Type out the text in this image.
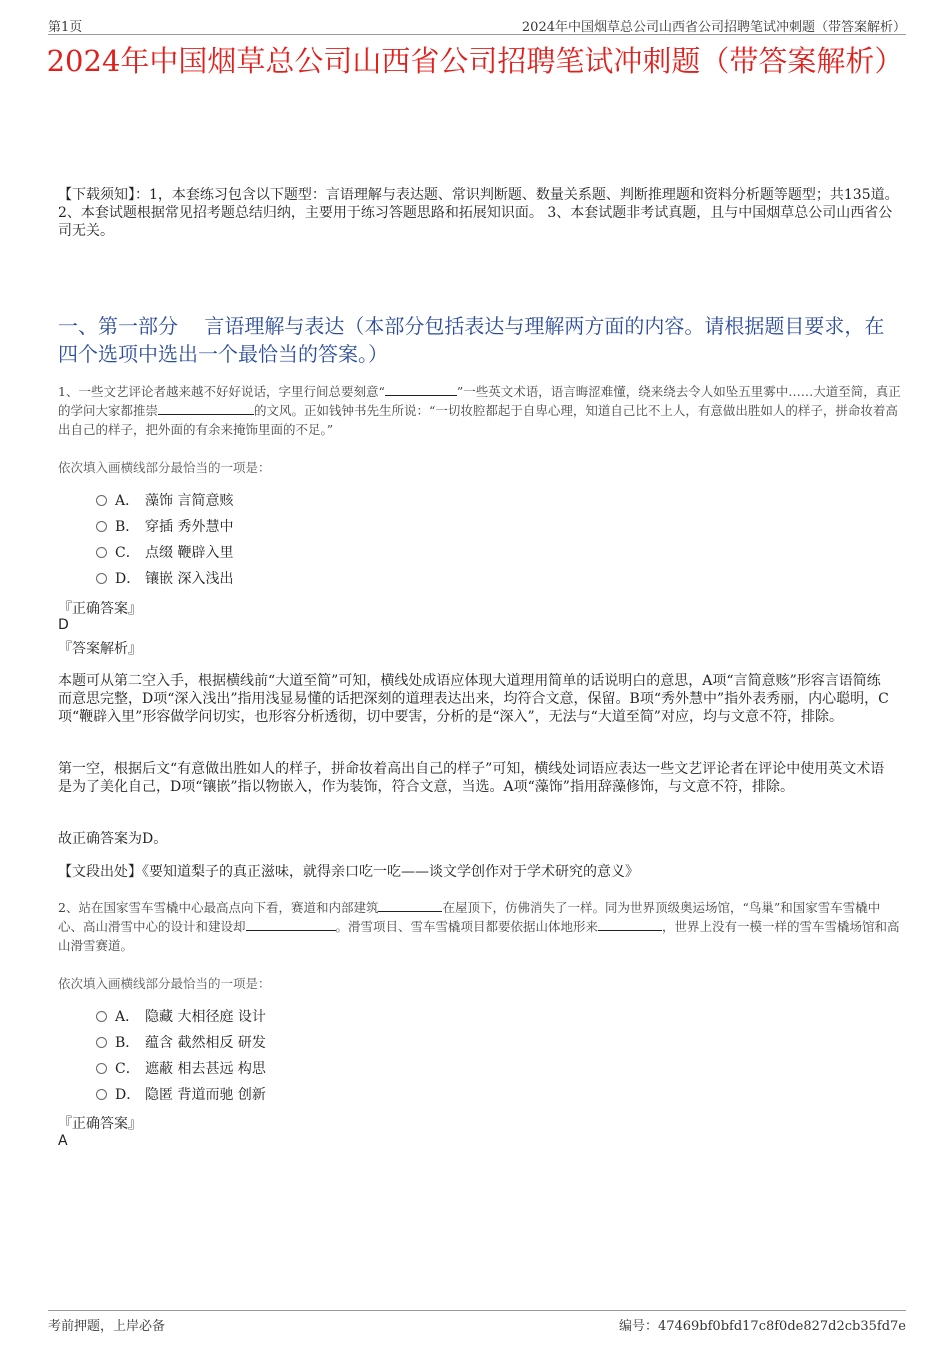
第1页	2024年中国烟草总公司山西省公司招聘笔试冲刺题（带答案解析）
2024年中国烟草总公司山西省公司招聘笔试冲刺题（带答案解析）
【下载须知】：1，本套练习包含以下题型：言语理解与表达题、常识判断题、数量关系题、判断推理题和资料分析题等题型；共135道。 2、本套试题根据常见招考题总结归纳，主要用于练习答题思路和拓展知识面。 3、本套试题非考试真题，且与中国烟草总公司山西省公司无关。
一、第一部分　 言语理解与表达（本部分包括表达与理解两方面的内容。请根据题目要求，在四个选项中选出一个最恰当的答案。）
1、一些文艺评论者越来越不好好说话，字里行间总要刻意“	”一些英文术语，语言晦涩难懂，绕来绕去令人如坠五里雾中……大道至简，真正的学问大家都推崇	的文风。正如钱钟书先生所说：“一切妆腔都起于自卑心理，知道自己比不上人，有意做出胜如人的样子，拼命妆着高出自己的样子，把外面的有余来掩饰里面的不足。”
依次填入画横线部分最恰当的一项是：
A． 藻饰 言简意赅
B． 穿插 秀外慧中
C． 点缀 鞭辟入里
D． 镶嵌 深入浅出
『正确答案』
D
『答案解析』
本题可从第二空入手，根据横线前“大道至简”可知，横线处成语应体现大道理用简单的话说明白的意思，A项“言简意赅”形容言语简练而意思完整，D项“深入浅出”指用浅显易懂的话把深刻的道理表达出来，均符合文意，保留。B项“秀外慧中”指外表秀丽，内心聪明，C项“鞭辟入里”形容做学问切实，也形容分析透彻，切中要害，分析的是“深入”，无法与“大道至简”对应，均与文意不符，排除。
第一空，根据后文“有意做出胜如人的样子，拼命妆着高出自己的样子”可知，横线处词语应表达一些文艺评论者在评论中使用英文术语是为了美化自己，D项“镶嵌”指以物嵌入，作为装饰，符合文意，当选。A项“藻饰”指用辞藻修饰，与文意不符，排除。
故正确答案为D。
【文段出处】《要知道梨子的真正滋味，就得亲口吃一吃——谈文学创作对于学术研究的意义》
2、站在国家雪车雪橇中心最高点向下看，赛道和内部建筑	在屋顶下，仿佛消失了一样。同为世界顶级奥运场馆，“鸟巢”和国家雪车雪橇中心、高山滑雪中心的设计和建设却	。滑雪项目、雪车雪橇项目都要依据山体地形来	，世界上没有一模一样的雪车雪橇场馆和高山滑雪赛道。
依次填入画横线部分最恰当的一项是：
A． 隐藏 大相径庭 设计
B． 蕴含 截然相反 研发
C． 遮蔽 相去甚远 构思
D． 隐匿 背道而驰 创新
『正确答案』
A
考前押题，上岸必备	编号：47469bf0bfd17c8f0de827d2cb35fd7e
